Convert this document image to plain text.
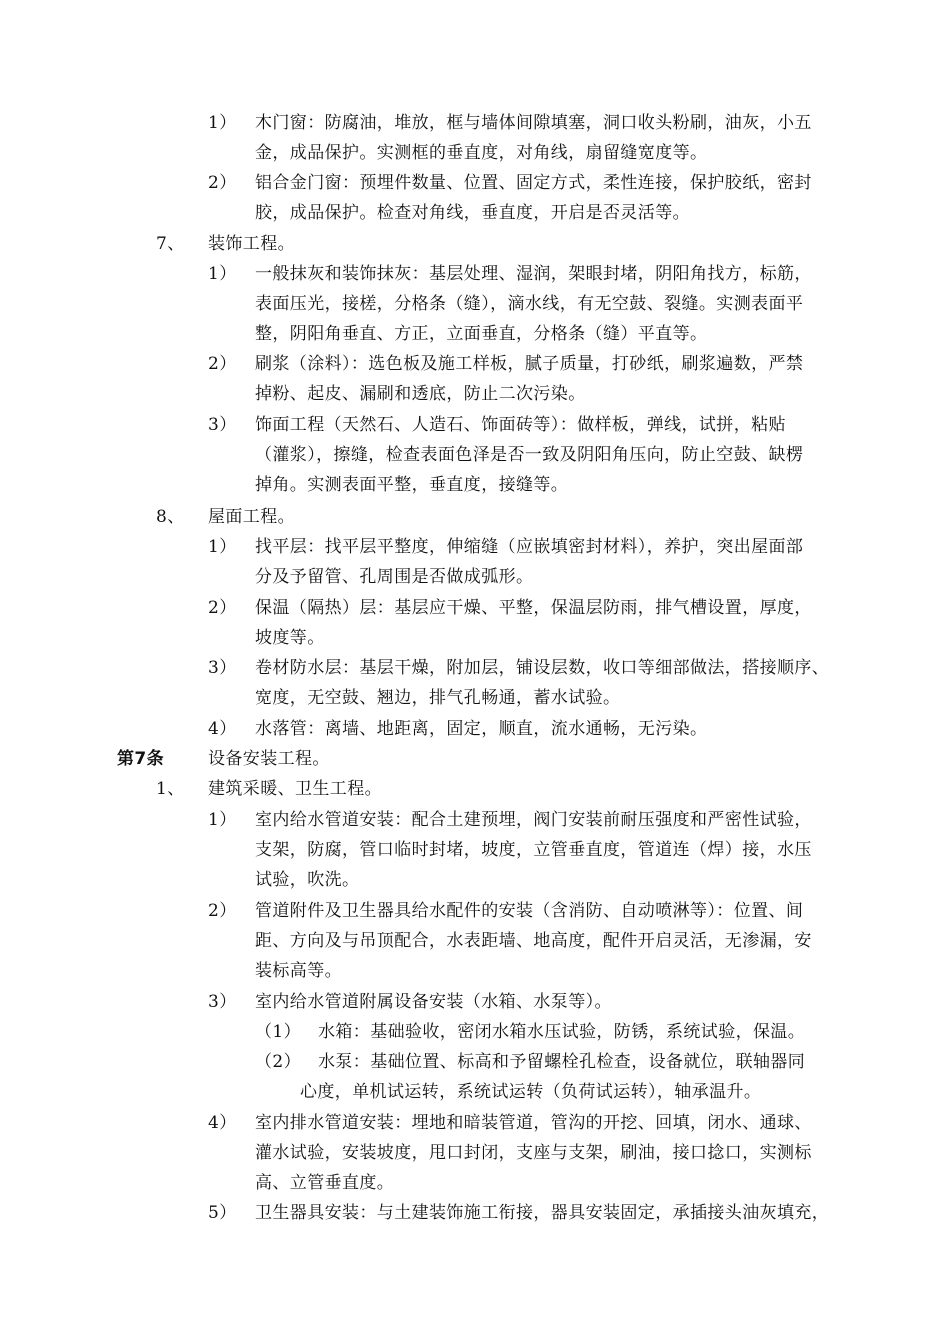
1） 木门窗：防腐油，堆放，框与墙体间隙填塞，洞口收头粉刷，油灰，小五
金，成品保护。实测框的垂直度，对角线，扇留缝宽度等。
2） 铝合金门窗：预埋件数量、位置、固定方式，柔性连接，保护胶纸，密封
胶，成品保护。检查对角线，垂直度，开启是否灵活等。
7、 装饰工程。
1） 一般抹灰和装饰抹灰：基层处理、湿润，架眼封堵，阴阳角找方，标筋，
表面压光，接槎，分格条（缝），滴水线，有无空鼓、裂缝。实测表面平
整，阴阳角垂直、方正，立面垂直，分格条（缝）平直等。
2） 刷浆（涂料）：选色板及施工样板，腻子质量，打砂纸，刷浆遍数，严禁
掉粉、起皮、漏刷和透底，防止二次污染。
3） 饰面工程（天然石、人造石、饰面砖等）：做样板，弹线，试拼，粘贴
（灌浆），擦缝，检查表面色泽是否一致及阴阳角压向，防止空鼓、缺楞
掉角。实测表面平整，垂直度，接缝等。
8、 屋面工程。
1） 找平层：找平层平整度，伸缩缝（应嵌填密封材料），养护，突出屋面部
分及予留管、孔周围是否做成弧形。
2） 保温（隔热）层：基层应干燥、平整，保温层防雨，排气槽设置，厚度，
坡度等。
3） 卷材防水层：基层干燥，附加层，铺设层数，收口等细部做法，搭接顺序、
宽度，无空鼓、翘边，排气孔畅通，蓄水试验。
4） 水落管：离墙、地距离，固定，顺直，流水通畅，无污染。
第7条	设备安装工程。
1、 建筑采暖、卫生工程。
1） 室内给水管道安装：配合土建预埋，阀门安装前耐压强度和严密性试验，
支架，防腐，管口临时封堵，坡度，立管垂直度，管道连（焊）接，水压
试验，吹洗。
2） 管道附件及卫生器具给水配件的安装（含消防、自动喷淋等）：位置、间
距、方向及与吊顶配合，水表距墙、地高度，配件开启灵活，无渗漏，安
装标高等。
3） 室内给水管道附属设备安装（水箱、水泵等）。
（1） 水箱：基础验收，密闭水箱水压试验，防锈，系统试验，保温。
（2） 水泵：基础位置、标高和予留螺栓孔检查，设备就位，联轴器同
心度，单机试运转，系统试运转（负荷试运转），轴承温升。
4） 室内排水管道安装：埋地和暗装管道，管沟的开挖、回填，闭水、通球、
灌水试验，安装坡度，甩口封闭，支座与支架，刷油，接口捻口，实测标
高、立管垂直度。
5） 卫生器具安装：与土建装饰施工衔接，器具安装固定，承插接头油灰填充，
